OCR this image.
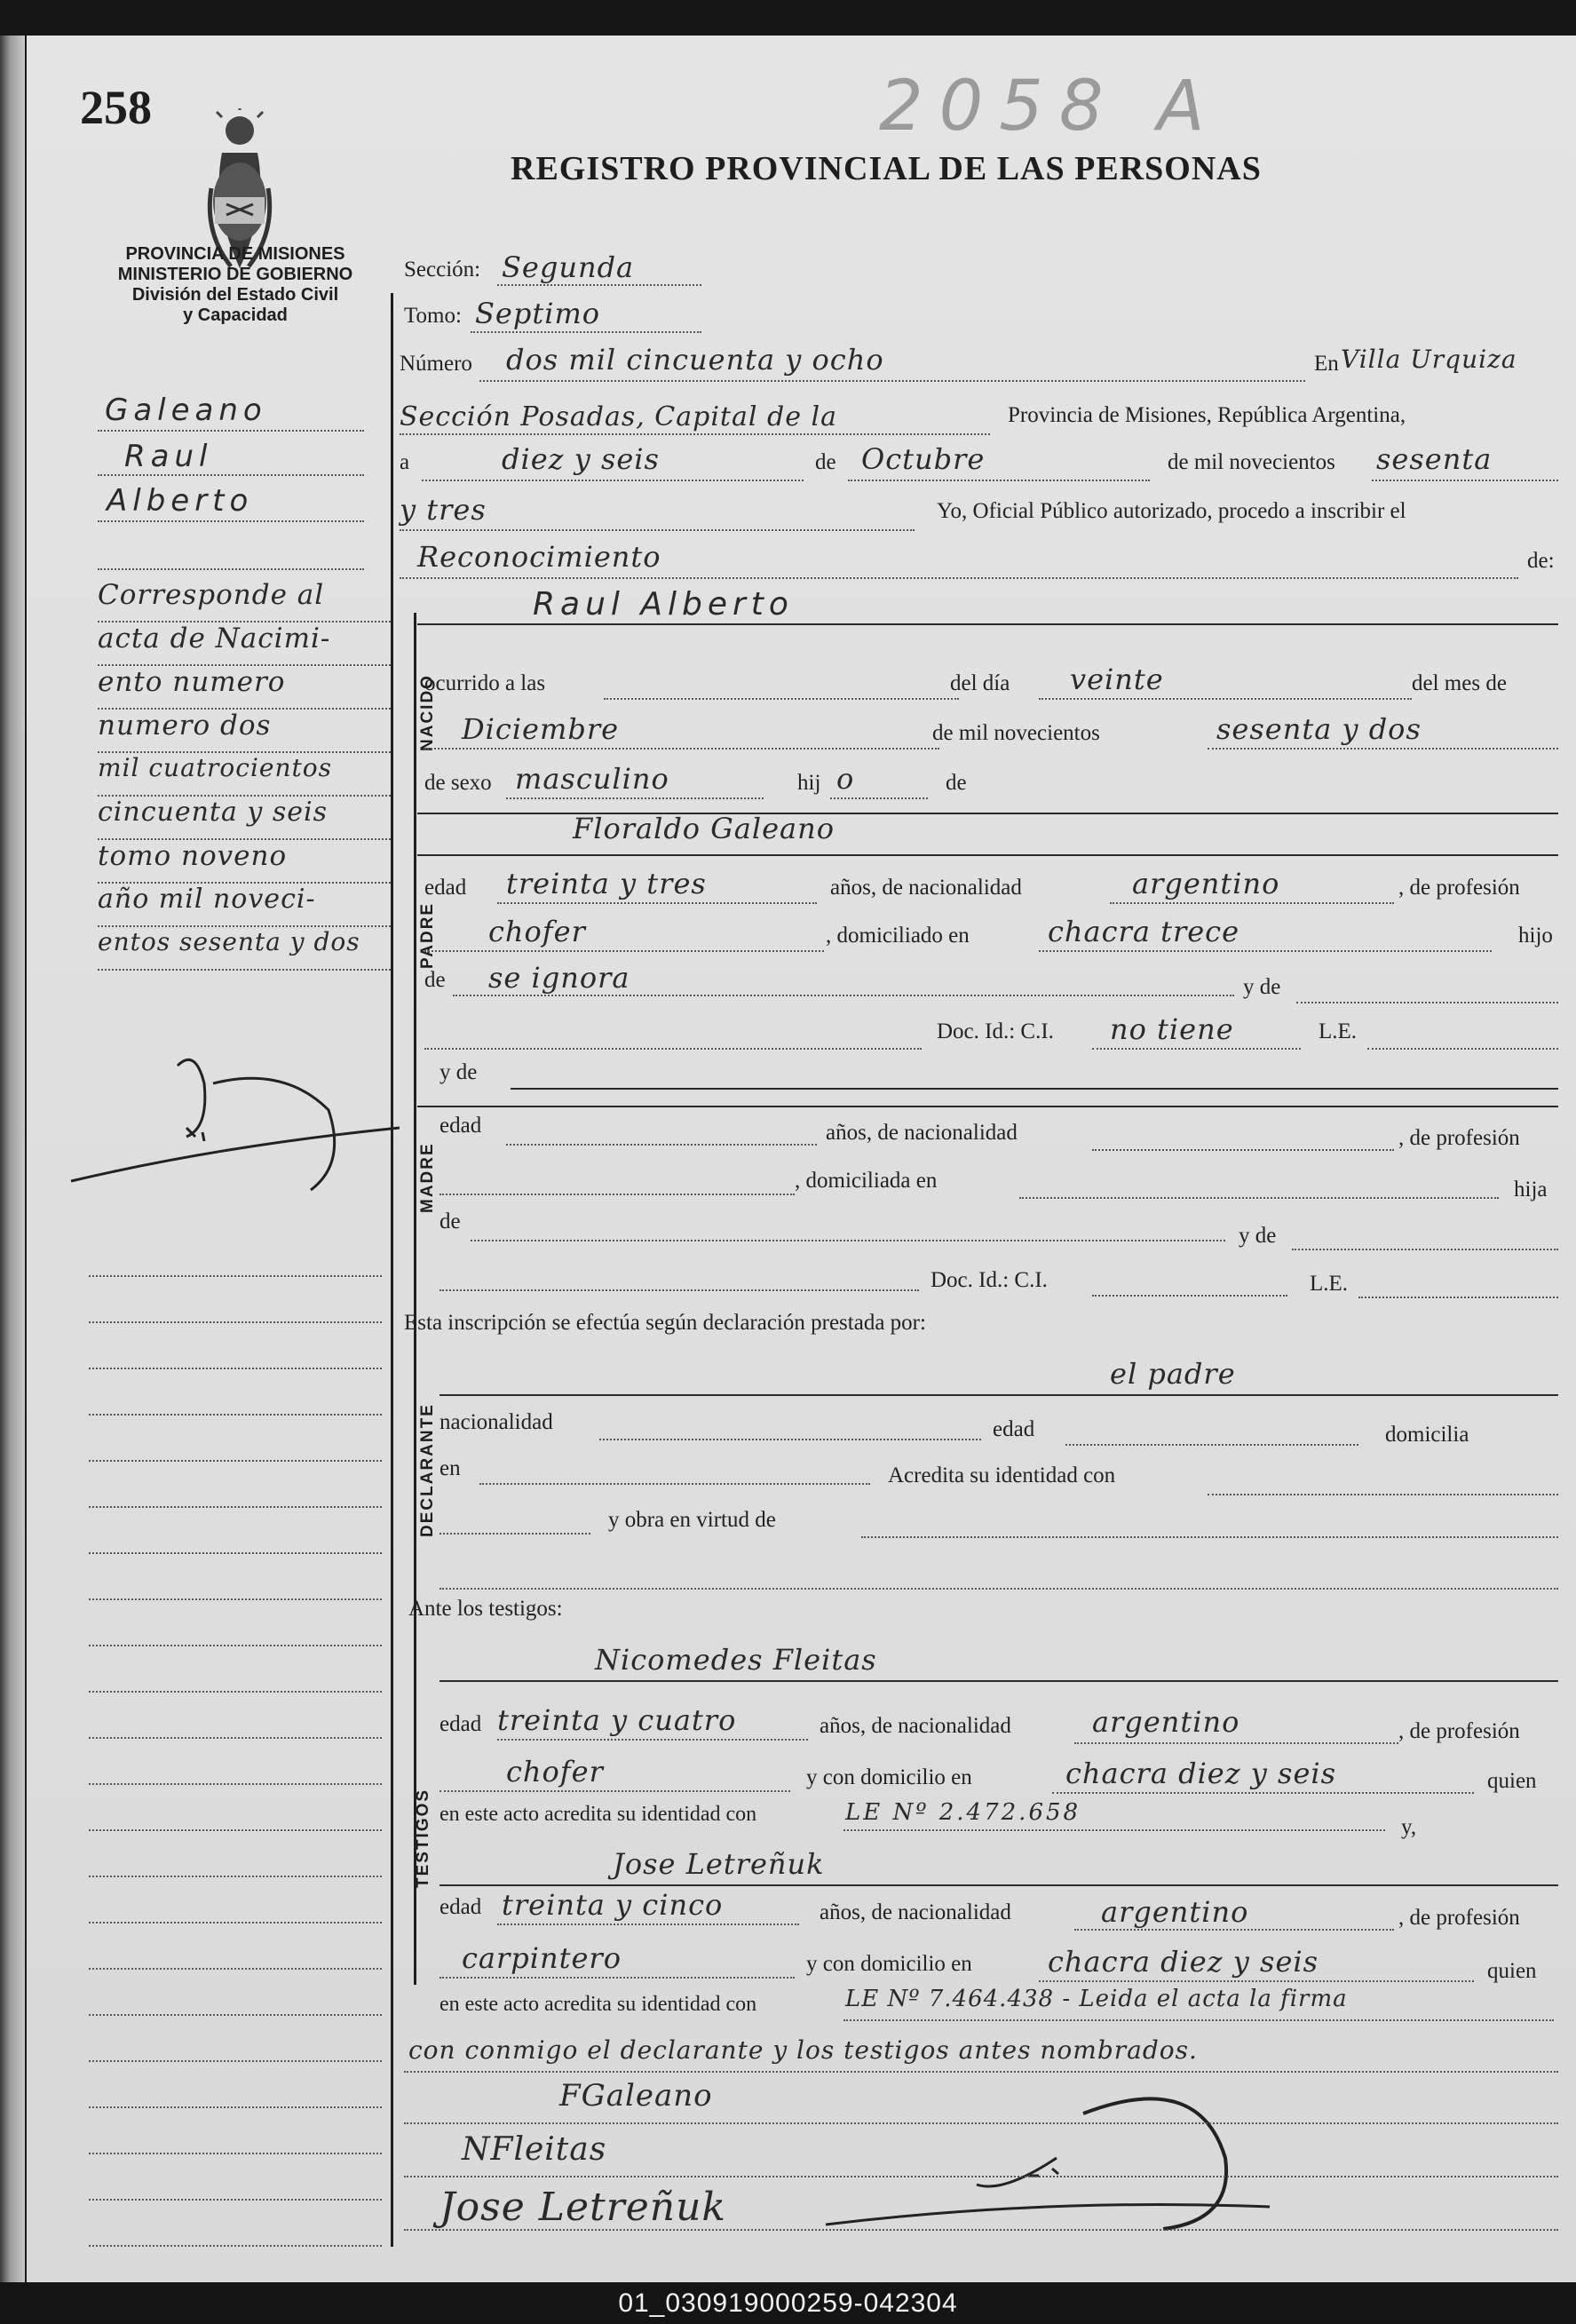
258	2058 A
REGISTRO PROVINCIAL DE LAS PERSONAS
PROVINCIA DE MISIONES
MINISTERIO DE GOBIERNO
División del Estado Civil
y Capacidad
Galeano
Raul
Alberto
Corresponde al
acta de Nacimi-
ento numero
numero dos
mil cuatrocientos
cincuenta y seis
tomo noveno
año mil noveci-
entos sesenta y dos
Sección: Segunda
Tomo: Septimo
Número dos mil cincuenta y ocho	En Villa Urquiza
Sección Posadas, Capital de la	Provincia de Misiones, República Argentina,
a	diez y seis	de Octubre	de mil novecientos sesenta
y tres	Yo, Oficial Público autorizado, procedo a inscribir el
Reconocimiento	de:
Raul Alberto
NACIDO
ocurrido a las	del día veinte	del mes de
Diciembre	de mil novecientos	sesenta y dos
de sexo masculino	hij o	de
Floraldo Galeano
PADRE
edad treinta y tres	años, de nacionalidad	argentino	, de profesión
chofer	, domiciliado en	chacra trece	hijo
de se ignora	y de
Doc. Id.: C.I. no tiene	L.E.
y de
MADRE
edad	años, de nacionalidad	, de profesión
, domiciliada en	hija
de
y de
Doc. Id.: C.I.	L.E.
Esta inscripción se efectúa según declaración prestada por:
el padre
DECLARANTE nacionalidad	edad	domicilia
en	Acredita su identidad con
y obra en virtud de
Ante los testigos:
Nicomedes Fleitas
TESTIGOS
edad treinta y cuatro	años, de nacionalidad	argentino	, de profesión
chofer	y con domicilio en	chacra diez y seis	quien
en este acto acredita su identidad con	LE Nº 2.472.658
y,
Jose Letreñuk
edad treinta y cinco	años, de nacionalidad	argentino	, de profesión
carpintero	y con domicilio en	chacra diez y seis	quien
en este acto acredita su identidad con	LE Nº 7.464.438 - Leida el acta la firma
con conmigo el declarante y los testigos antes nombrados.
FGaleano
NFleitas
Jose Letreñuk
01_030919000259-042304
